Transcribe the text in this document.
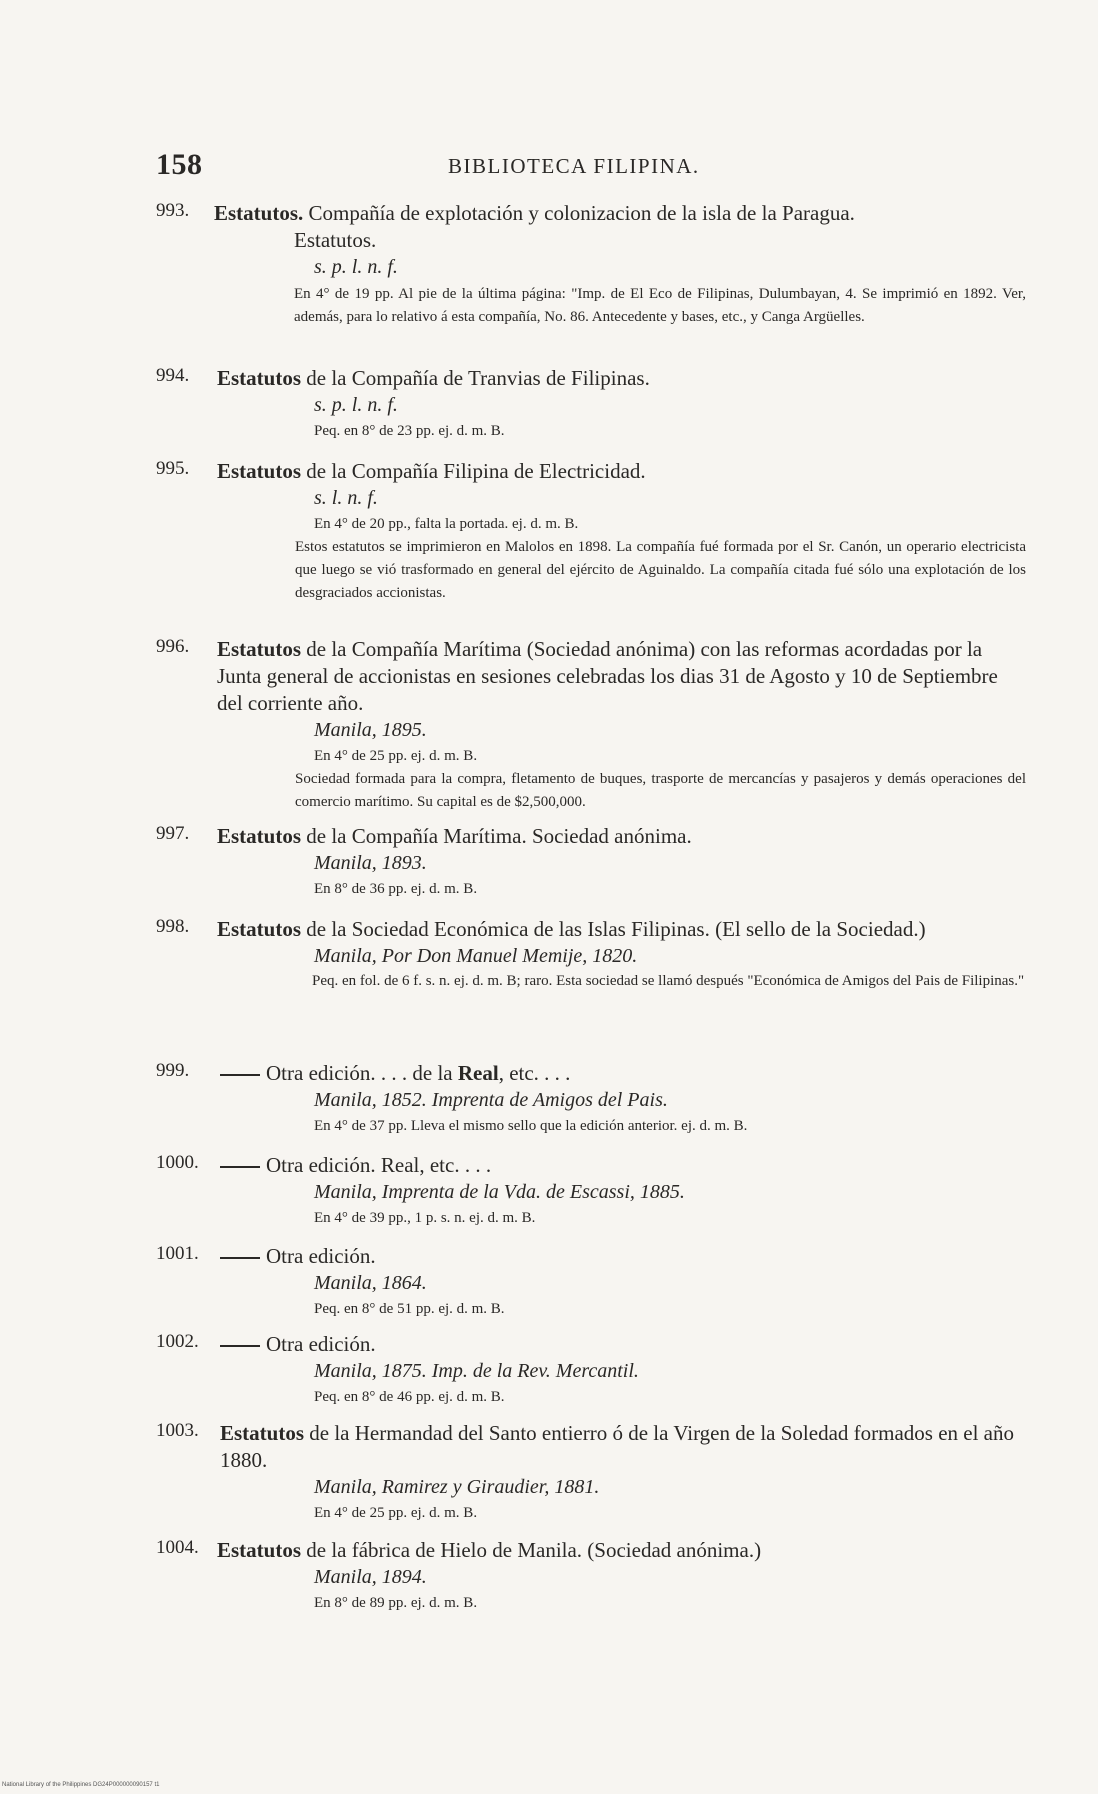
158	BIBLIOTECA FILIPINA.
993. Estatutos. Compañía de explotación y colonizacion de la isla de la Paragua.
Estatutos.
s. p. l. n. f.
En 4° de 19 pp. Al pie de la última página: "Imp. de El Eco de Filipinas, Dulumbayan, 4. Se imprimió en 1892. Ver, además, para lo relativo á esta compañía, No. 86. Antecedente y bases, etc., y Canga Argüelles.
994. Estatutos de la Compañía de Tranvias de Filipinas.
s. p. l. n. f.
Peq. en 8° de 23 pp. ej. d. m. B.
995. Estatutos de la Compañía Filipina de Electricidad.
s. l. n. f.
En 4° de 20 pp., falta la portada. ej. d. m. B.
Estos estatutos se imprimieron en Malolos en 1898. La compañía fué formada por el Sr. Canón, un operario electricista que luego se vió trasformado en general del ejército de Aguinaldo. La compañía citada fué sólo una explotación de los desgraciados accionistas.
996. Estatutos de la Compañía Marítima (Sociedad anónima) con las reformas acordadas por la Junta general de accionistas en sesiones celebradas los dias 31 de Agosto y 10 de Septiembre del corriente año.
Manila, 1895.
En 4° de 25 pp. ej. d. m. B.
Sociedad formada para la compra, fletamento de buques, trasporte de mercancías y pasajeros y demás operaciones del comercio marítimo. Su capital es de $2,500,000.
997. Estatutos de la Compañía Marítima. Sociedad anónima.
Manila, 1893.
En 8° de 36 pp. ej. d. m. B.
998. Estatutos de la Sociedad Económica de las Islas Filipinas. (El sello de la Sociedad.)
Manila, Por Don Manuel Memije, 1820.
Peq. en fol. de 6 f. s. n. ej. d. m. B; raro. Esta sociedad se llamó después "Económica de Amigos del Pais de Filipinas."
999.	Otra edición. . . . de la Real, etc. . . .
Manila, 1852. Imprenta de Amigos del Pais.
En 4° de 37 pp. Lleva el mismo sello que la edición anterior. ej. d. m. B.
1000.	Otra edición. Real, etc. . . .
Manila, Imprenta de la Vda. de Escassi, 1885.
En 4° de 39 pp., 1 p. s. n. ej. d. m. B.
1001.	Otra edición.
Manila, 1864.
Peq. en 8° de 51 pp. ej. d. m. B.
1002.	Otra edición.
Manila, 1875. Imp. de la Rev. Mercantil.
Peq. en 8° de 46 pp. ej. d. m. B.
1003. Estatutos de la Hermandad del Santo entierro ó de la Virgen de la Soledad formados en el año 1880.
Manila, Ramirez y Giraudier, 1881.
En 4° de 25 pp. ej. d. m. B.
1004. Estatutos de la fábrica de Hielo de Manila. (Sociedad anónima.)
Manila, 1894.
En 8° de 89 pp. ej. d. m. B.
National Library of the Philippines DG24P000000090157 t1
